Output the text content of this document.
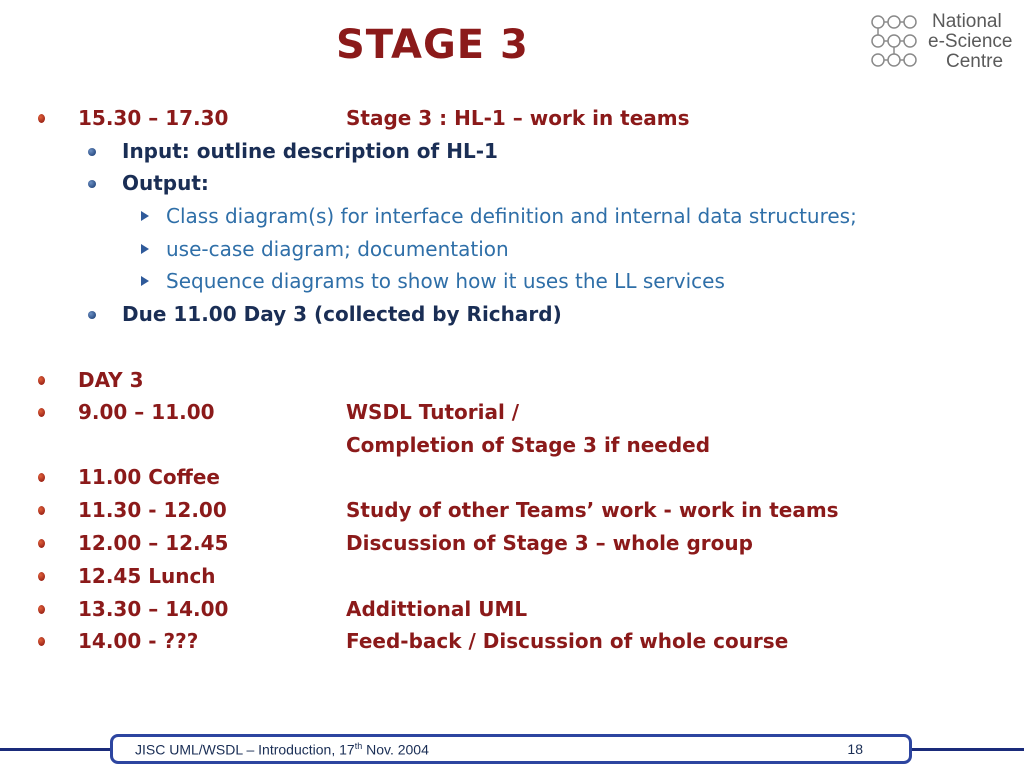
STAGE 3
National
e-Science
Centre
15.30 – 17.30	Stage 3 : HL-1 – work in teams
Input: outline description of HL-1
Output:
Class diagram(s) for interface definition and internal data structures;
use-case diagram; documentation
Sequence diagrams to show how it uses the LL services
Due 11.00 Day 3 (collected by Richard)
DAY 3
9.00 – 11.00	WSDL Tutorial /
Completion of Stage 3 if needed
11.00 Coffee
11.30 - 12.00	Study of other Teams’ work - work in teams
12.00 – 12.45	Discussion of Stage 3 – whole group
12.45 Lunch
13.30 – 14.00	Addittional UML
14.00 - ???	Feed-back / Discussion of whole course
JISC UML/WSDL – Introduction, 17th Nov. 2004	18
